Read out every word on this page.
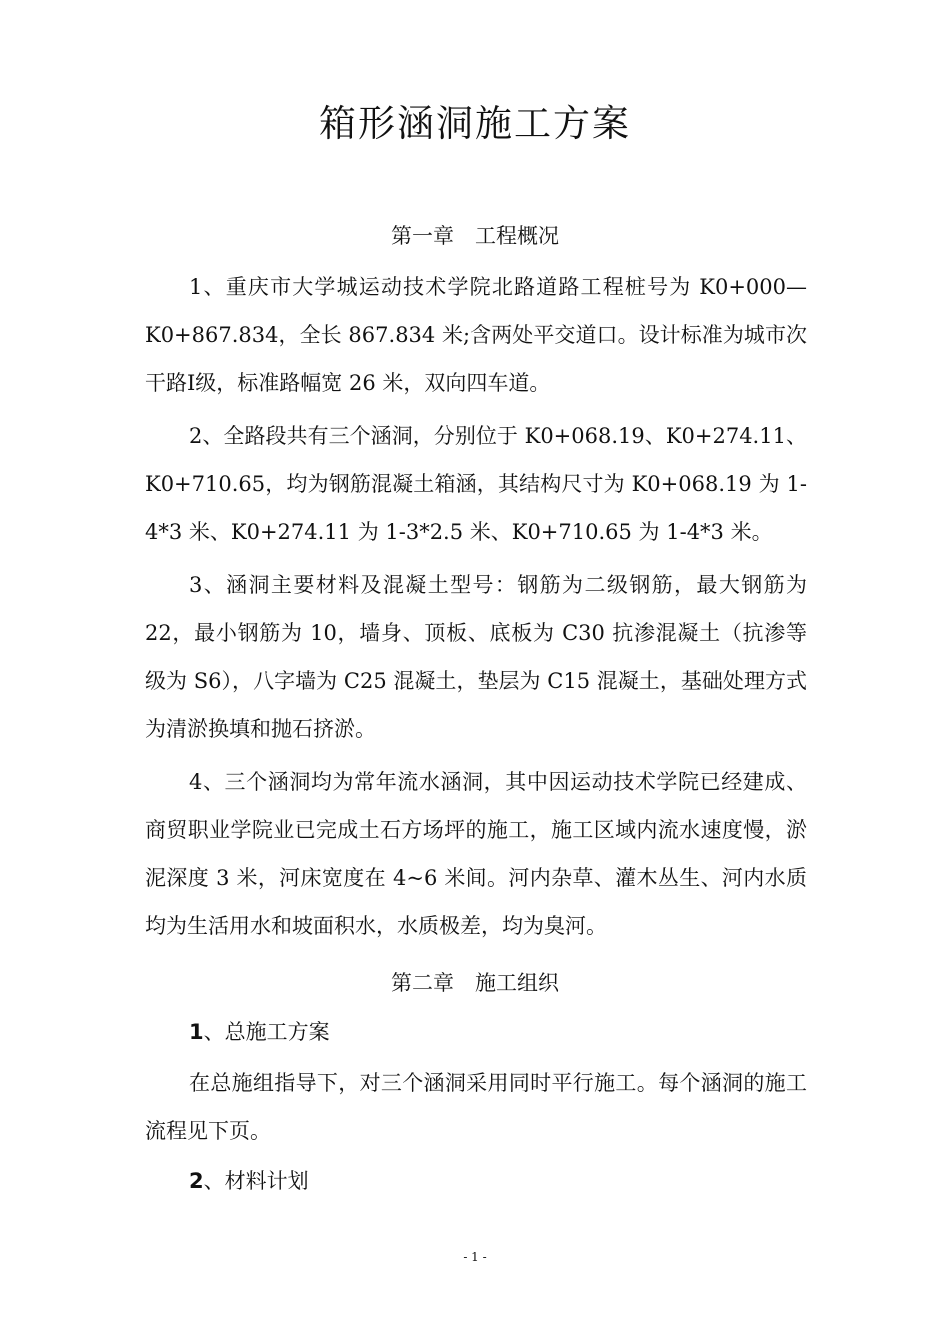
箱形涵洞施工方案
第一章　工程概况

1、重庆市大学城运动技术学院北路道路工程桩号为 K0+000—K0+867.834，全长 867.834 米;含两处平交道口。设计标准为城市次干路Ⅰ级，标准路幅宽 26 米，双向四车道。

2、全路段共有三个涵洞，分别位于 K0+068.19、K0+274.11、K0+710.65，均为钢筋混凝土箱涵，其结构尺寸为 K0+068.19 为 1-4*3 米、K0+274.11 为 1-3*2.5 米、K0+710.65 为 1-4*3 米。

3、涵洞主要材料及混凝土型号：钢筋为二级钢筋，最大钢筋为 22，最小钢筋为 10，墙身、顶板、底板为 C30 抗渗混凝土（抗渗等级为 S6），八字墙为 C25 混凝土，垫层为 C15 混凝土，基础处理方式为清淤换填和抛石挤淤。

4、三个涵洞均为常年流水涵洞，其中因运动技术学院已经建成、商贸职业学院业已完成土石方场坪的施工，施工区域内流水速度慢，淤泥深度 3 米，河床宽度在 4~6 米间。河内杂草、灌木丛生、河内水质均为生活用水和坡面积水，水质极差，均为臭河。

第二章　施工组织
1、总施工方案

在总施组指导下，对三个涵洞采用同时平行施工。每个涵洞的施工流程见下页。

2、材料计划
- 1 -
